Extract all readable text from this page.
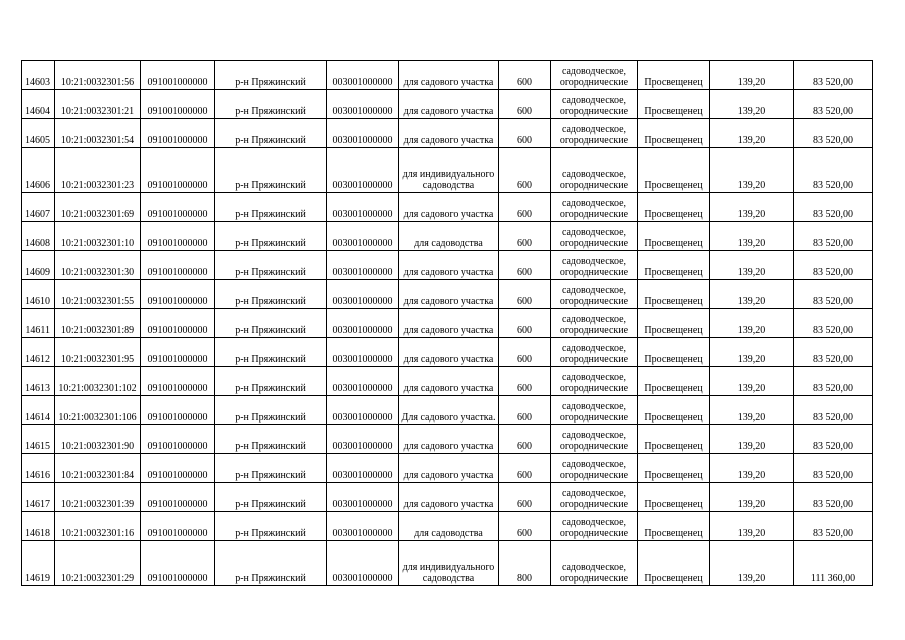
14603	10:21:0032301:56	091001000000	р-н Пряжинский	003001000000	для садового участка	600	садоводческое, огороднические	Просвещенец	139,20	83 520,00
14604	10:21:0032301:21	091001000000	р-н Пряжинский	003001000000	для садового участка	600	садоводческое, огороднические	Просвещенец	139,20	83 520,00
14605	10:21:0032301:54	091001000000	р-н Пряжинский	003001000000	для садового участка	600	садоводческое, огороднические	Просвещенец	139,20	83 520,00
14606	10:21:0032301:23	091001000000	р-н Пряжинский	003001000000	для индивидуального садоводства	600	садоводческое, огороднические	Просвещенец	139,20	83 520,00
14607	10:21:0032301:69	091001000000	р-н Пряжинский	003001000000	для садового участка	600	садоводческое, огороднические	Просвещенец	139,20	83 520,00
14608	10:21:0032301:10	091001000000	р-н Пряжинский	003001000000	для садоводства	600	садоводческое, огороднические	Просвещенец	139,20	83 520,00
14609	10:21:0032301:30	091001000000	р-н Пряжинский	003001000000	для садового участка	600	садоводческое, огороднические	Просвещенец	139,20	83 520,00
14610	10:21:0032301:55	091001000000	р-н Пряжинский	003001000000	для садового участка	600	садоводческое, огороднические	Просвещенец	139,20	83 520,00
14611	10:21:0032301:89	091001000000	р-н Пряжинский	003001000000	для садового участка	600	садоводческое, огороднические	Просвещенец	139,20	83 520,00
14612	10:21:0032301:95	091001000000	р-н Пряжинский	003001000000	для садового участка	600	садоводческое, огороднические	Просвещенец	139,20	83 520,00
14613	10:21:0032301:102	091001000000	р-н Пряжинский	003001000000	для садового участка	600	садоводческое, огороднические	Просвещенец	139,20	83 520,00
14614	10:21:0032301:106	091001000000	р-н Пряжинский	003001000000	Для садового участка.	600	садоводческое, огороднические	Просвещенец	139,20	83 520,00
14615	10:21:0032301:90	091001000000	р-н Пряжинский	003001000000	для садового участка	600	садоводческое, огороднические	Просвещенец	139,20	83 520,00
14616	10:21:0032301:84	091001000000	р-н Пряжинский	003001000000	для садового участка	600	садоводческое, огороднические	Просвещенец	139,20	83 520,00
14617	10:21:0032301:39	091001000000	р-н Пряжинский	003001000000	для садового участка	600	садоводческое, огороднические	Просвещенец	139,20	83 520,00
14618	10:21:0032301:16	091001000000	р-н Пряжинский	003001000000	для садоводства	600	садоводческое, огороднические	Просвещенец	139,20	83 520,00
14619	10:21:0032301:29	091001000000	р-н Пряжинский	003001000000	для индивидуального садоводства	800	садоводческое, огороднические	Просвещенец	139,20	111 360,00
